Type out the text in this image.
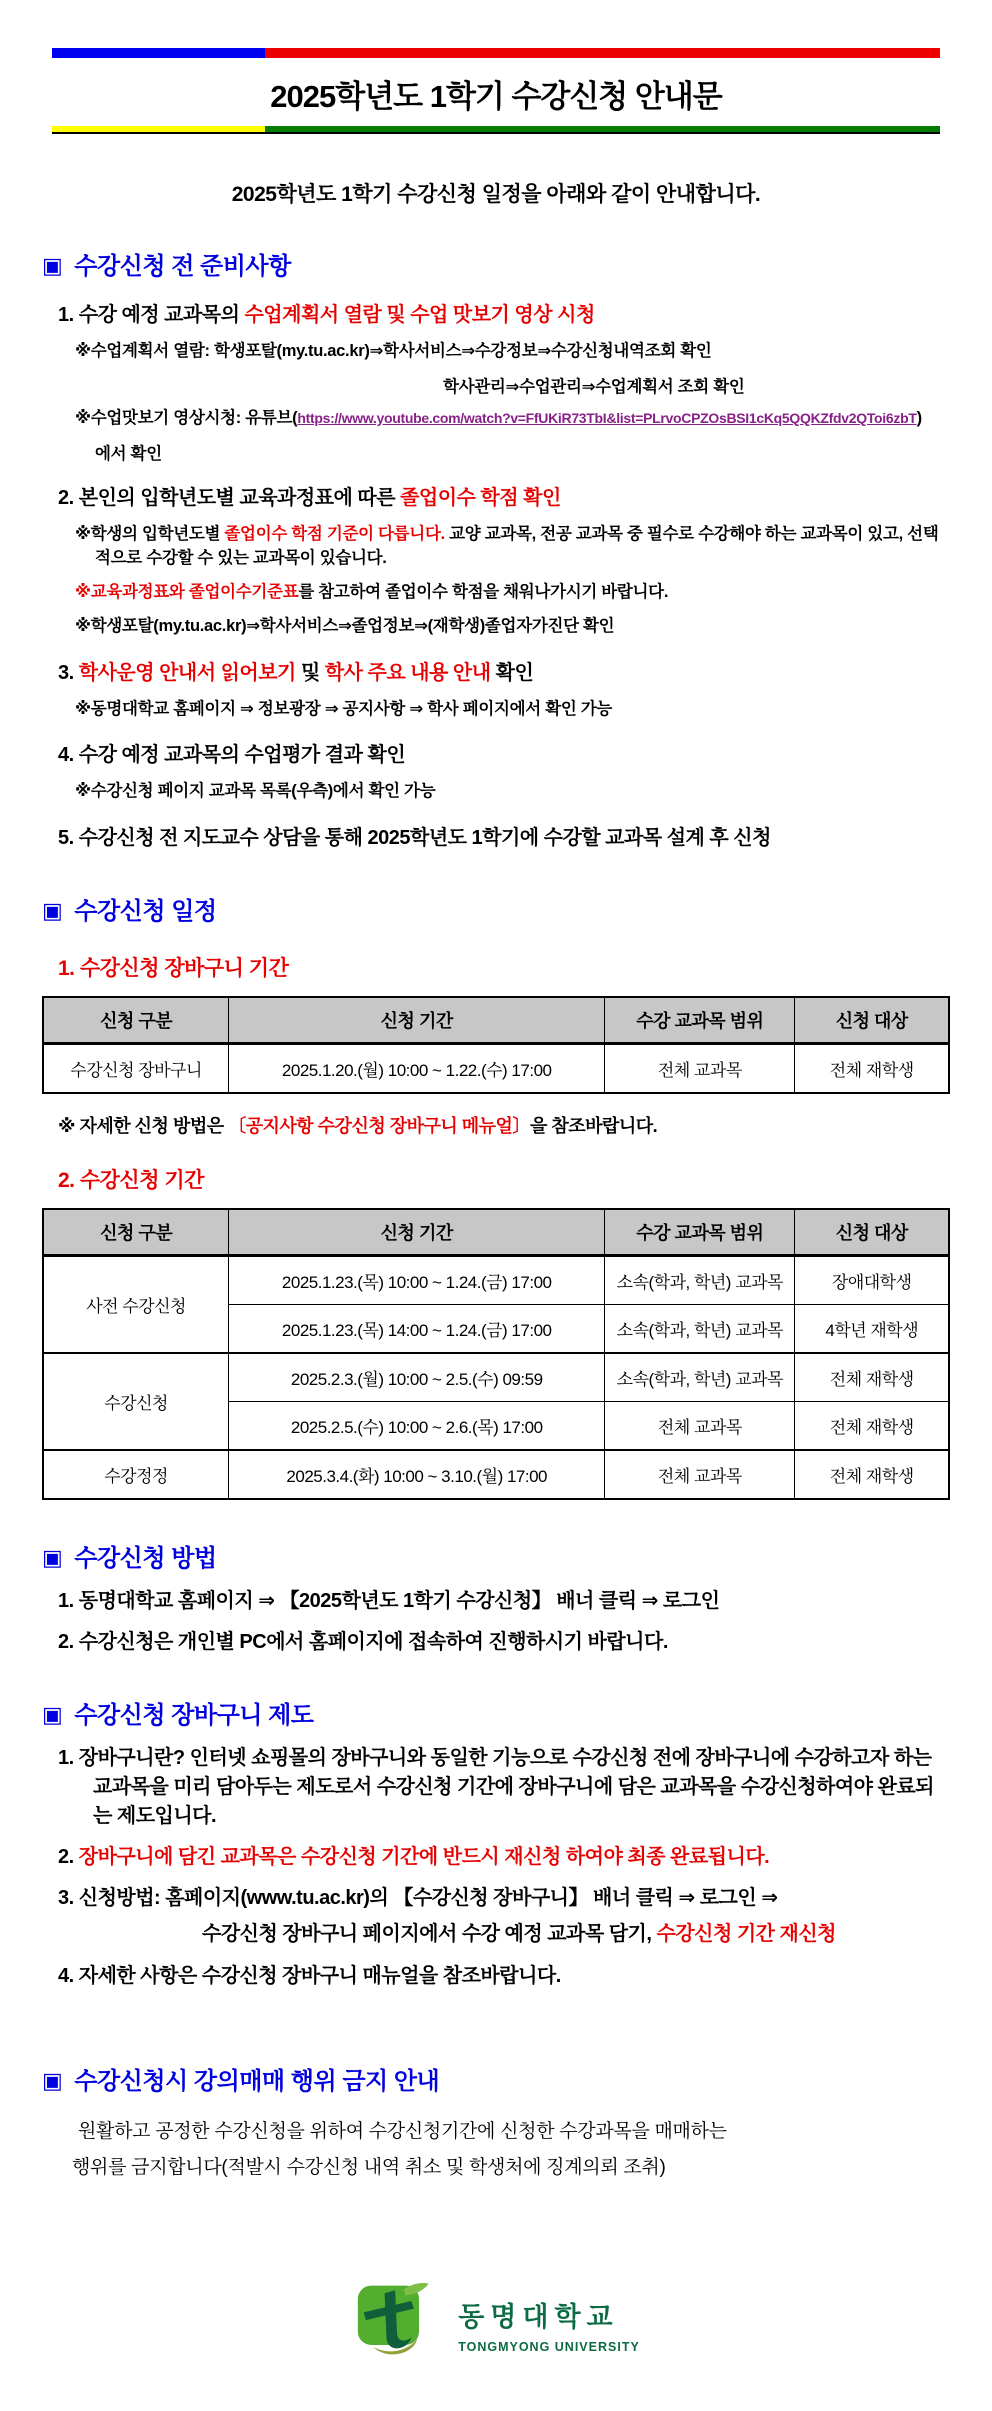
2025학년도 1학기 수강신청 안내문
2025학년도 1학기 수강신청 일정을 아래와 같이 안내합니다.
▣ 수강신청 전 준비사항
1. 수강 예정 교과목의 수업계획서 열람 및 수업 맛보기 영상 시청
※수업계획서 열람: 학생포탈(my.tu.ac.kr)⇒학사서비스⇒수강정보⇒수강신청내역조회 확인
학사관리⇒수업관리⇒수업계획서 조회 확인
※수업맛보기 영상시청: 유튜브(https://www.youtube.com/watch?v=FfUKiR73TbI&list=PLrvoCPZOsBSI1cKq5QQKZfdv2QToi6zbT)
에서 확인
2. 본인의 입학년도별 교육과정표에 따른 졸업이수 학점 확인
※학생의 입학년도별 졸업이수 학점 기준이 다릅니다. 교양 교과목, 전공 교과목 중 필수로 수강해야 하는 교과목이 있고, 선택적으로 수강할 수 있는 교과목이 있습니다.
※교육과정표와 졸업이수기준표를 참고하여 졸업이수 학점을 채워나가시기 바랍니다.
※학생포탈(my.tu.ac.kr)⇒학사서비스⇒졸업정보⇒(재학생)졸업자가진단 확인
3. 학사운영 안내서 읽어보기 및 학사 주요 내용 안내 확인
※동명대학교 홈페이지 ⇒ 정보광장 ⇒ 공지사항 ⇒ 학사 페이지에서 확인 가능
4. 수강 예정 교과목의 수업평가 결과 확인
※수강신청 페이지 교과목 목록(우측)에서 확인 가능
5. 수강신청 전 지도교수 상담을 통해 2025학년도 1학기에 수강할 교과목 설계 후 신청
▣ 수강신청 일정
1. 수강신청 장바구니 기간
신청 구분	신청 기간	수강 교과목 범위	신청 대상
수강신청 장바구니	2025.1.20.(월) 10:00 ~ 1.22.(수) 17:00	전체 교과목	전체 재학생
※ 자세한 신청 방법은 〔공지사항 수강신청 장바구니 메뉴얼〕을 참조바랍니다.
2. 수강신청 기간
신청 구분	신청 기간	수강 교과목 범위	신청 대상
사전 수강신청	2025.1.23.(목) 10:00 ~ 1.24.(금) 17:00	소속(학과, 학년) 교과목	장애대학생
	2025.1.23.(목) 14:00 ~ 1.24.(금) 17:00	소속(학과, 학년) 교과목	4학년 재학생
수강신청	2025.2.3.(월) 10:00 ~ 2.5.(수) 09:59	소속(학과, 학년) 교과목	전체 재학생
	2025.2.5.(수) 10:00 ~ 2.6.(목) 17:00	전체 교과목	전체 재학생
수강정정	2025.3.4.(화) 10:00 ~ 3.10.(월) 17:00	전체 교과목	전체 재학생
▣ 수강신청 방법
1. 동명대학교 홈페이지 ⇒ 【2025학년도 1학기 수강신청】 배너 클릭 ⇒ 로그인
2. 수강신청은 개인별 PC에서 홈페이지에 접속하여 진행하시기 바랍니다.
▣ 수강신청 장바구니 제도
1. 장바구니란? 인터넷 쇼핑몰의 장바구니와 동일한 기능으로 수강신청 전에 장바구니에 수강하고자 하는 교과목을 미리 담아두는 제도로서 수강신청 기간에 장바구니에 담은 교과목을 수강신청하여야 완료되는 제도입니다.
2. 장바구니에 담긴 교과목은 수강신청 기간에 반드시 재신청 하여야 최종 완료됩니다.
3. 신청방법: 홈페이지(www.tu.ac.kr)의 【수강신청 장바구니】 배너 클릭 ⇒ 로그인 ⇒
수강신청 장바구니 페이지에서 수강 예정 교과목 담기, 수강신청 기간 재신청
4. 자세한 사항은 수강신청 장바구니 매뉴얼을 참조바랍니다.
▣ 수강신청시 강의매매 행위 금지 안내
원활하고 공정한 수강신청을 위하여 수강신청기간에 신청한 수강과목을 매매하는
행위를 금지합니다(적발시 수강신청 내역 취소 및 학생처에 징계의뢰 조취)
동명대학교
TONGMYONG UNIVERSITY
